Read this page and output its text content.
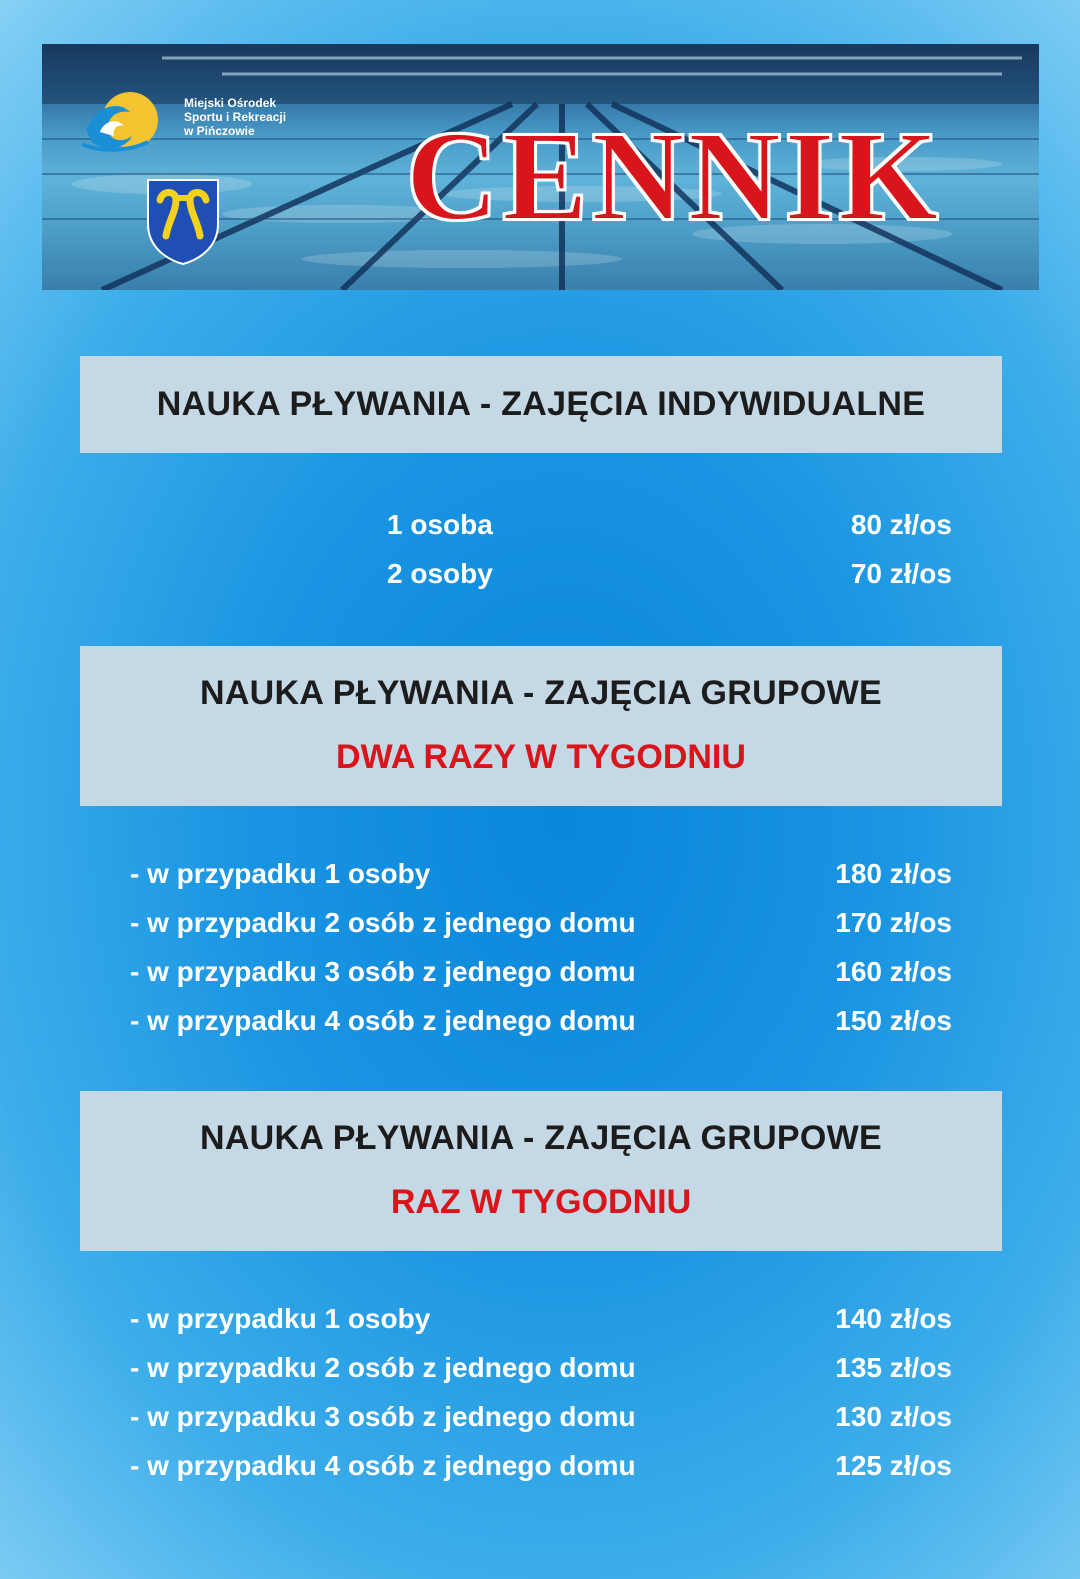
Miejski Ośrodek
Sportu i Rekreacji
w Pińczowie	CENNIK
NAUKA PŁYWANIA - ZAJĘCIA INDYWIDUALNE
1 osoba	80 zł/os
2 osoby	70 zł/os
NAUKA PŁYWANIA - ZAJĘCIA GRUPOWE
DWA RAZY W TYGODNIU
- w przypadku 1 osoby	180 zł/os
- w przypadku 2 osób z jednego domu	170 zł/os
- w przypadku 3 osób z jednego domu	160 zł/os
- w przypadku 4 osób z jednego domu	150 zł/os
NAUKA PŁYWANIA - ZAJĘCIA GRUPOWE
RAZ W TYGODNIU
- w przypadku 1 osoby	140 zł/os
- w przypadku 2 osób z jednego domu	135 zł/os
- w przypadku 3 osób z jednego domu	130 zł/os
- w przypadku 4 osób z jednego domu	125 zł/os
